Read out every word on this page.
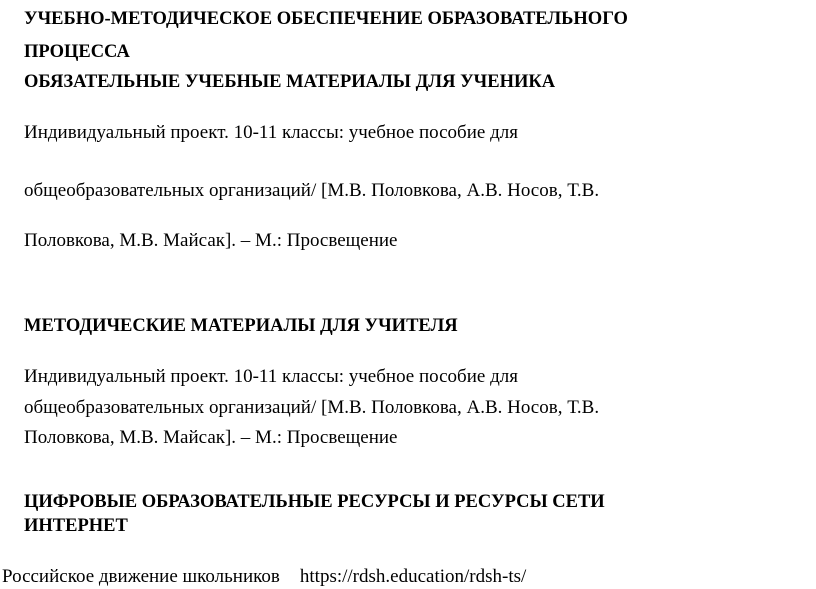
УЧЕБНО-МЕТОДИЧЕСКОЕ ОБЕСПЕЧЕНИЕ ОБРАЗОВАТЕЛЬНОГО
ПРОЦЕССА
ОБЯЗАТЕЛЬНЫЕ УЧЕБНЫЕ МАТЕРИАЛЫ ДЛЯ УЧЕНИКА
Индивидуальный проект. 10-11 классы: учебное пособие для
общеобразовательных организаций/ [М.В. Половкова, А.В. Носов, Т.В.
Половкова, М.В. Майсак]. – М.: Просвещение
МЕТОДИЧЕСКИЕ МАТЕРИАЛЫ ДЛЯ УЧИТЕЛЯ
Индивидуальный проект. 10-11 классы: учебное пособие для
общеобразовательных организаций/ [М.В. Половкова, А.В. Носов, Т.В.
Половкова, М.В. Майсак]. – М.: Просвещение
ЦИФРОВЫЕ ОБРАЗОВАТЕЛЬНЫЕ РЕСУРСЫ И РЕСУРСЫ СЕТИ
ИНТЕРНЕТ
Российское движение школьников https://rdsh.education/rdsh-ts/
